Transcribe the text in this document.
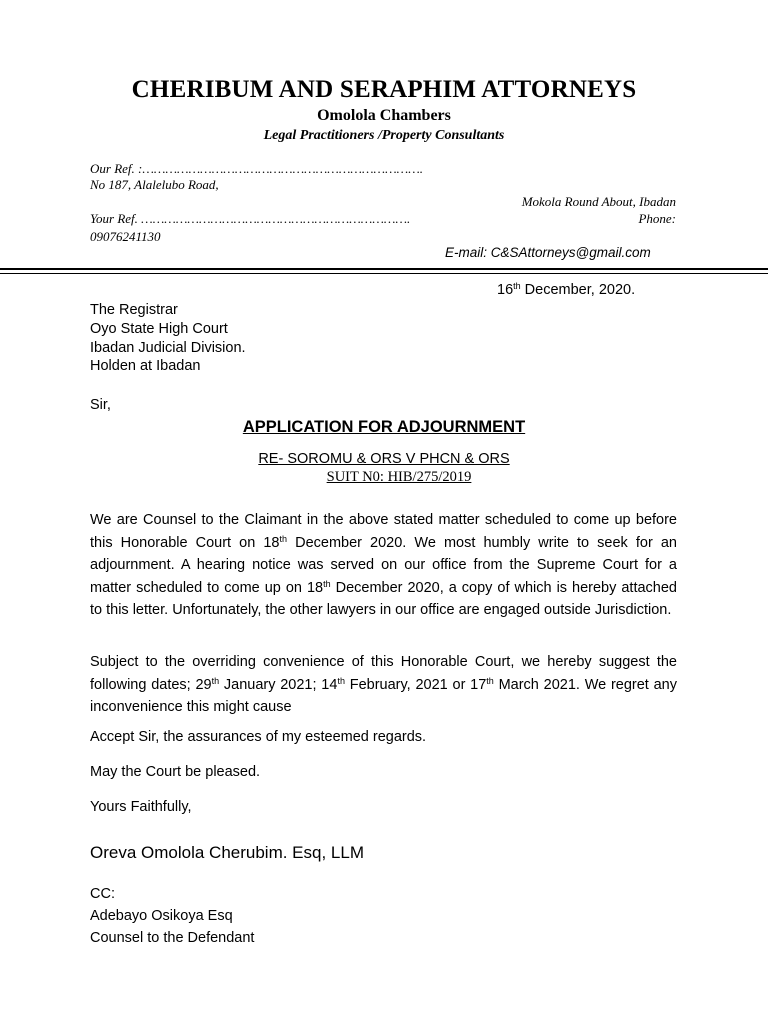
CHERIBUM AND SERAPHIM ATTORNEYS
Omolola Chambers
Legal Practitioners /Property Consultants
Our Ref. :……………………………………………………………….
No 187, Alalelubo Road,
Mokola Round About, Ibadan
Your Ref. …………………………………………………………….	Phone:
09076241130
E-mail: C&SAttorneys@gmail.com
16th December, 2020.
The Registrar
Oyo State High Court
Ibadan Judicial Division.
Holden at Ibadan
Sir,
APPLICATION FOR ADJOURNMENT
RE- SOROMU & ORS V PHCN & ORS
SUIT N0: HIB/275/2019
We are Counsel to the Claimant in the above stated matter scheduled to come up before this Honorable Court on 18th December 2020. We most humbly write to seek for an adjournment. A hearing notice was served on our office from the Supreme Court for a matter scheduled to come up on 18th December 2020, a copy of which is hereby attached to this letter. Unfortunately, the other lawyers in our office are engaged outside Jurisdiction.
Subject to the overriding convenience of this Honorable Court, we hereby suggest the following dates; 29th January 2021; 14th February, 2021 or 17th March 2021. We regret any inconvenience this might cause
Accept Sir, the assurances of my esteemed regards.
May the Court be pleased.
Yours Faithfully,
Oreva Omolola Cherubim. Esq, LLM
CC:
Adebayo Osikoya Esq
Counsel to the Defendant
